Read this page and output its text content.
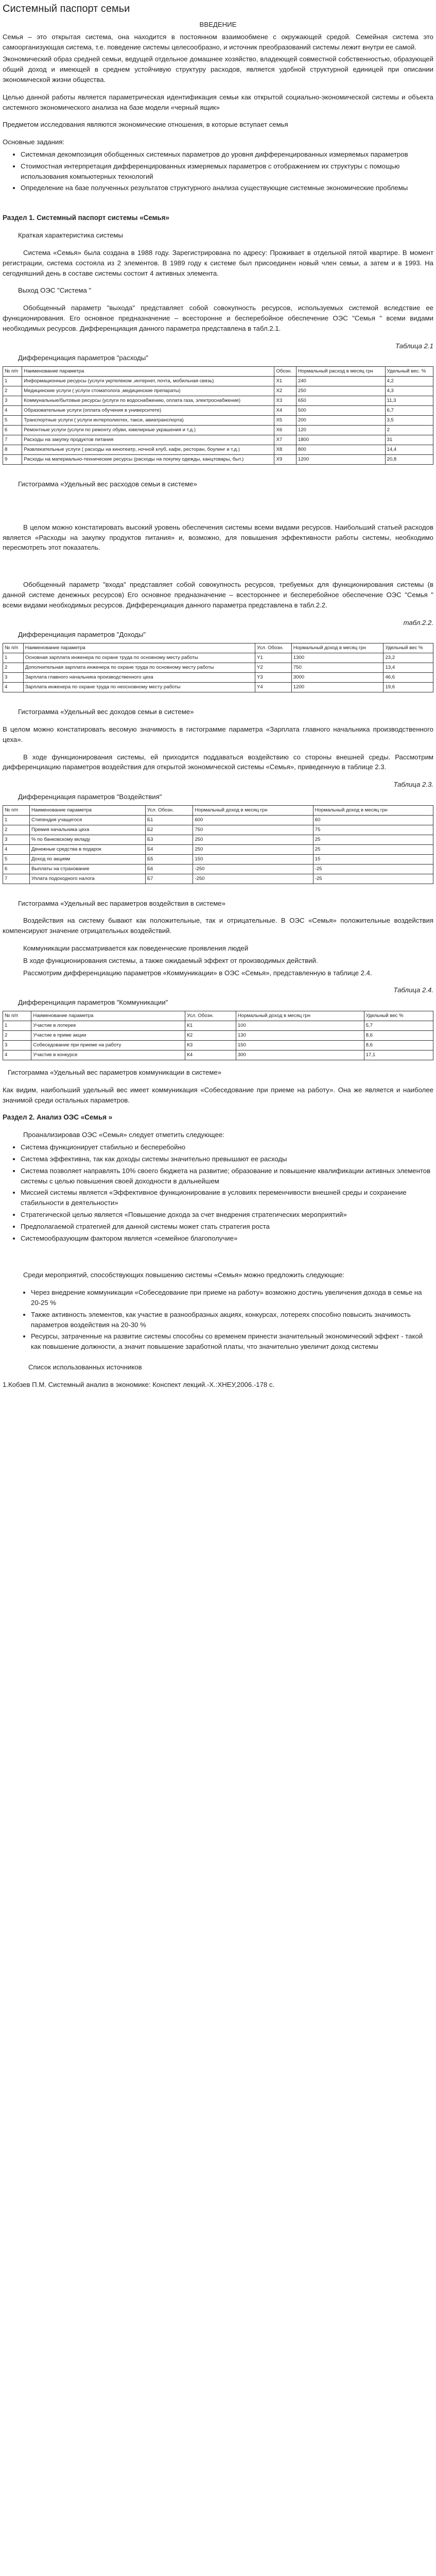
Системный паспорт семьи
ВВЕДЕНИЕ

Семья – это открытая система, она находится в постоянном взаимообмене с окружающей средой. Семейная система это самоорганизующая система, т.е. поведение системы целесообразно, и источник преобразований системы лежит внутри ее самой.

Экономический образ средней семьи, ведущей отдельное домашнее хозяйство, владеющей совместной собственностью, образующей общий доход и имеющей в среднем устойчивую структуру расходов, является удобной структурной единицей при описании экономической жизни общества.

Целью данной работы является параметрическая идентификация семьи как открытой социально-экономической системы и объекта системного экономического анализа на базе модели «черный ящик»

Предметом исследования являются экономические отношения, в которые вступает семья

Основные задания:

• Системная декомпозиция обобщенных системных параметров до уровня дифференцированных измеряемых параметров
• Стоимостная интерпретация дифференцированных измеряемых параметров с отображением их структуры с помощью использования компьютерных технологий
• Определение на базе полученных результатов структурного анализа существующие системные экономические проблемы
Раздел 1. Системный паспорт системы «Семья»
Краткая характеристика системы

Система «Семья» была создана в 1988 году. Зарегистрирована по адресу: Проживает в отдельной пятой квартире. В момент регистрации, система состояла из 2 элементов. В 1989 году к системе был присоединен новый член семьи, а затем и в 1993. На сегодняшний день в составе системы состоит 4 активных элемента.

Выход ОЭС "Система "

Обобщенный параметр "выхода" представляет собой совокупность ресурсов, используемых системой вследствие ее функционирования. Его основное предназначение – всесторонне и бесперебойное обеспечение ОЭС "Семья " всеми видами необходимых ресурсов. Дифференциация данного параметра представлена в табл.2.1.

Таблица 2.1
Дифференциация параметров "расходы"
№ п/п	Наименование параметра	Обозн.	Нормальный расход в месяц грн	Удельный вес. %
1	Информационные ресурсы (услуги укртелеком ,интернет, почта, мобильная связь)	X1	240	4,2
2	Медицинские услуги ( услуги стоматолога ,медицинские препараты)	X2	250	4,3
3	Коммунальные/бытовые ресурсы (услуги по водоснабжению, оплата газа, электроснабжение)	X3	650	11,3
4	Образовательные услуги (оплата обучения в университете)	X4	500	6,7
5	Транспортные услуги ( услуги интерполиотех, такси, авиатранспорта)	X5	200	3,5
6	Ремонтные услуги (услуги по ремонту обуви, ювелирные украшения и т.д.)	X6	120	2
7	Расходы на закупку продуктов питания	X7	1800	31
8	Развлекательные услуги ( расходы на кинотеатр, ночной клуб, кафе, ресторан, боулинг и т.д.)	X8	800	14,4
9	Расходы на материально-технические ресурсы (расходы на покупку одежды, канцтовары, быт.)	X9	1200	20,8
Гистограмма «Удельный вес расходов семьи в системе»

В целом можно констатировать высокий уровень обеспечения системы всеми видами ресурсов. Наибольший статьей расходов является «Расходы на закупку продуктов питания» и, возможно, для повышения эффективности работы системы, необходимо пересмотреть этот показатель.

Обобщенный параметр "входа" представляет собой совокупность ресурсов, требуемых для функционирования системы (в данной системе денежных ресурсов) Его основное предназначение – всестороннее и бесперебойное обеспечение ОЭС "Семья " всеми видами необходимых ресурсов. Дифференциация данного параметра представлена в табл.2.2.

табл.2.2.
Дифференциация параметров "Доходы"
№ п/п	Наименование параметра	Усл. Обозн.	Нормальный доход в месяц грн	Удельный вес %
1	Основная зарплата инженера по охране труда по основному месту работы	Y1	1300	23,2
2	Дополнительная зарплата инженера по охране труда по основному месту работы	Y2	750	13,4
3	Зарплата главного начальника производственного цеха	Y3	3000	46,6
4	Зарплата инженера по охране труда по неосновному месту работы	Y4	1200	19,6
Гистограмма «Удельный вес доходов семьи в системе»

В целом можно констатировать весомую значимость в гистограмме параметра «Зарплата главного начальника производственного цеха».

В ходе функционирования системы, ей приходится поддаваться воздействию со стороны внешней среды. Рассмотрим дифференциацию параметров воздействия для открытой экономической системы «Семья», приведенную в таблице 2.3.

Таблица 2.3.
Дифференциация параметров "Воздействия"
№ п/п	Наименование параметра	Усл. Обозн.	Нормальный доход в месяц грн	Нормальный доход в месяц грн
1	Стипендия учащегося	Б1	600	60
2	Премия начальника цеха	Б2	750	75
3	% по банковскому вкладу	Б3	250	25
4	Денежные средства в подарок	Б4	250	25
5	Доход по акциям	Б5	150	15
6	Выплаты на страхование	Б6	-250	-25
7	Уплата подоходного налога	Б7	-250	-25
Гистограмма «Удельный вес параметров воздействия в системе»

Воздействия на систему бывают как положительные, так и отрицательные. В ОЭС «Семья» положительные воздействия компенсируют значение отрицательных воздействий.

Коммуникации рассматривается как поведенческие проявления людей

В ходе функционирования системы, а также ожидаемый эффект от производимых действий.

Рассмотрим дифференциацию параметров «Коммуникации» в ОЭС «Семья», представленную в таблице 2.4.

Таблица 2.4.
Дифференциация параметров "Коммуникации"
№ п/п	Наименование параметра	Усл. Обозн.	Нормальный доход в месяц грн	Удельный вес %
1	Участие в лотерее	К1	100	5,7
2	Участие в приме акции	К2	130	8,6
3	Собеседование при приеме на работу	К3	150	8,6
4	Участие в конкурсе	К4	300	17,1
Гистограмма «Удельный вес параметров коммуникации в системе»

Как видим, наибольший удельный вес имеет коммуникация «Собеседование при приеме на работу». Она же является и наиболее значимой среди остальных параметров.

Раздел 2. Анализ ОЭС «Семья »

Проанализировав ОЭС «Семья» следует отметить следующее:

• Система функционирует стабильно и бесперебойно
• Система эффективна, так как доходы системы значительно превышают ее расходы
• Система позволяет направлять 10% своего бюджета на развитие; образование и повышение квалификации активных элементов системы с целью повышения своей доходности в дальнейшем
• Миссией системы является «Эффективное функционирование в условиях переменчивости внешней среды и сохранение стабильности в деятельности»
• Стратегической целью является «Повышение дохода за счет внедрения стратегических мероприятий»
• Предполагаемой стратегией для данной системы может стать стратегия роста
• Системообразующим фактором является «семейное благополучие»

Среди мероприятий, способствующих повышению системы «Семья» можно предложить следующие:

• Через внедрение коммуникации «Собеседование при приеме на работу» возможно достичь увеличения дохода в семье на 20-25 %
• Также активность элементов, как участие в разнообразных акциях, конкурсах, лотереях способно повысить значимость параметров воздействия на 20-30 %
• Ресурсы, затраченные на развитие системы способны со временем принести значительный экономический эффект - такой как повышение должности, а значит повышение заработной платы, что значительно увеличит доход системы
Список использованных источников

1.Кобзев П.М. Системный анализ в экономике: Конспект лекций.-Х.:ХНЕУ,2006.-178 с.
